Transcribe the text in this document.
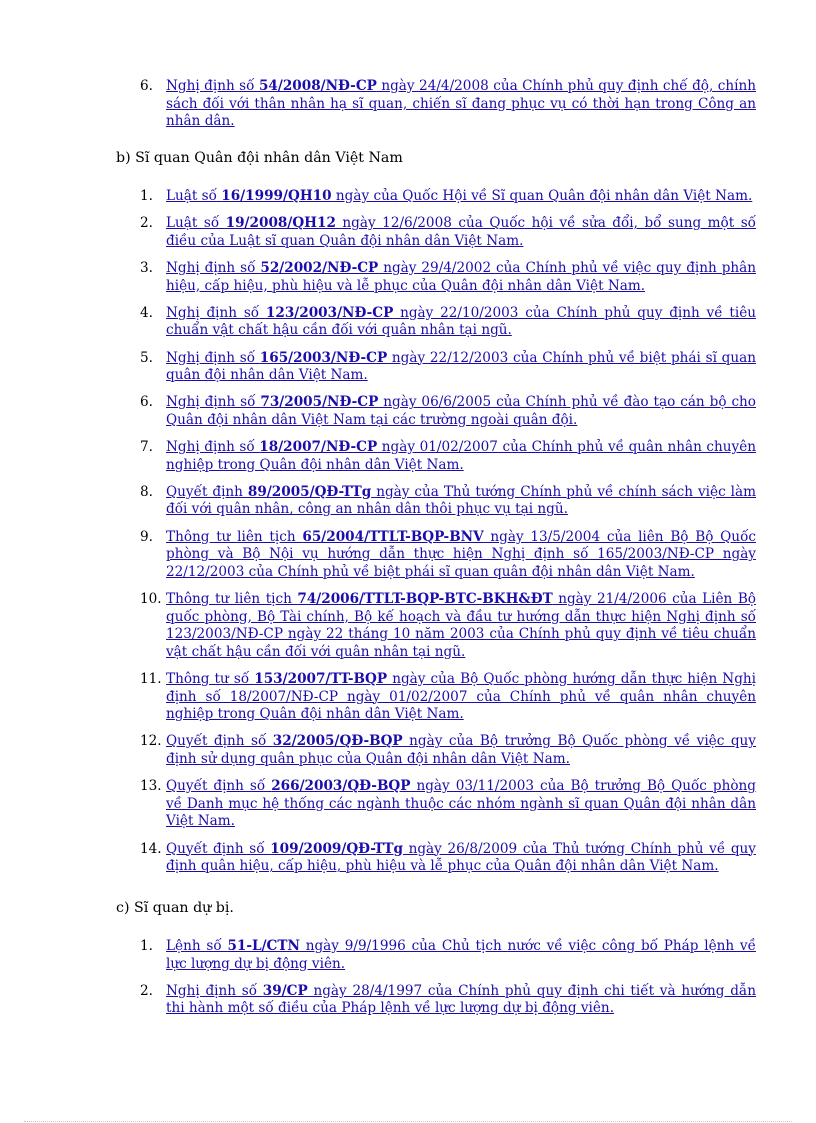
6. Nghị định số 54/2008/NĐ-CP ngày 24/4/2008 của Chính phủ quy định chế độ, chính sách đối với thân nhân hạ sĩ quan, chiến sĩ đang phục vụ có thời hạn trong Công an nhân dân.

b) Sĩ quan Quân đội nhân dân Việt Nam

1. Luật số 16/1999/QH10 ngày của Quốc Hội về Sĩ quan Quân đội nhân dân Việt Nam.
2. Luật số 19/2008/QH12 ngày 12/6/2008 của Quốc hội về sửa đổi, bổ sung một số điều của Luật sĩ quan Quân đội nhân dân Việt Nam.
3. Nghị định số 52/2002/NĐ-CP ngày 29/4/2002 của Chính phủ về việc quy định phân hiệu, cấp hiệu, phù hiệu và lễ phục của Quân đội nhân dân Việt Nam.
4. Nghị định số 123/2003/NĐ-CP ngày 22/10/2003 của Chính phủ quy định về tiêu chuẩn vật chất hậu cần đối với quân nhân tại ngũ.
5. Nghị định số 165/2003/NĐ-CP ngày 22/12/2003 của Chính phủ về biệt phái sĩ quan quân đội nhân dân Việt Nam.
6. Nghị định số 73/2005/NĐ-CP ngày 06/6/2005 của Chính phủ về đào tạo cán bộ cho Quân đội nhân dân Việt Nam tại các trường ngoài quân đội.
7. Nghị định số 18/2007/NĐ-CP ngày 01/02/2007 của Chính phủ về quân nhân chuyên nghiệp trong Quân đội nhân dân Việt Nam.
8. Quyết định 89/2005/QĐ-TTg ngày của Thủ tướng Chính phủ về chính sách việc làm đối với quân nhân, công an nhân dân thôi phục vụ tại ngũ.
9. Thông tư liên tịch 65/2004/TTLT-BQP-BNV ngày 13/5/2004 của liên Bộ Bộ Quốc phòng và Bộ Nội vụ hướng dẫn thực hiện Nghị định số 165/2003/NĐ-CP ngày 22/12/2003 của Chính phủ về biệt phái sĩ quan quân đội nhân dân Việt Nam.
10. Thông tư liên tịch 74/2006/TTLT-BQP-BTC-BKH&ĐT ngày 21/4/2006 của Liên Bộ quốc phòng, Bộ Tài chính, Bộ kế hoạch và đầu tư hướng dẫn thực hiện Nghị định số 123/2003/NĐ-CP ngày 22 tháng 10 năm 2003 của Chính phủ quy định về tiêu chuẩn vật chất hậu cần đối với quân nhân tại ngũ.
11. Thông tư số 153/2007/TT-BQP ngày của Bộ Quốc phòng hướng dẫn thực hiện Nghị định số 18/2007/NĐ-CP ngày 01/02/2007 của Chính phủ về quân nhân chuyên nghiệp trong Quân đội nhân dân Việt Nam.
12. Quyết định số 32/2005/QĐ-BQP ngày của Bộ trưởng Bộ Quốc phòng về việc quy định sử dụng quân phục của Quân đội nhân dân Việt Nam.
13. Quyết định số 266/2003/QĐ-BQP ngày 03/11/2003 của Bộ trưởng Bộ Quốc phòng về Danh mục hệ thống các ngành thuộc các nhóm ngành sĩ quan Quân đội nhân dân Việt Nam.
14. Quyết định số 109/2009/QĐ-TTg ngày 26/8/2009 của Thủ tướng Chính phủ về quy định quân hiệu, cấp hiệu, phù hiệu và lễ phục của Quân đội nhân dân Việt Nam.

c) Sĩ quan dự bị.

1. Lệnh số 51-L/CTN ngày 9/9/1996 của Chủ tịch nước về việc công bố Pháp lệnh về lực lượng dự bị động viên.
2. Nghị định số 39/CP ngày 28/4/1997 của Chính phủ quy định chi tiết và hướng dẫn thi hành một số điều của Pháp lệnh về lực lượng dự bị động viên.
